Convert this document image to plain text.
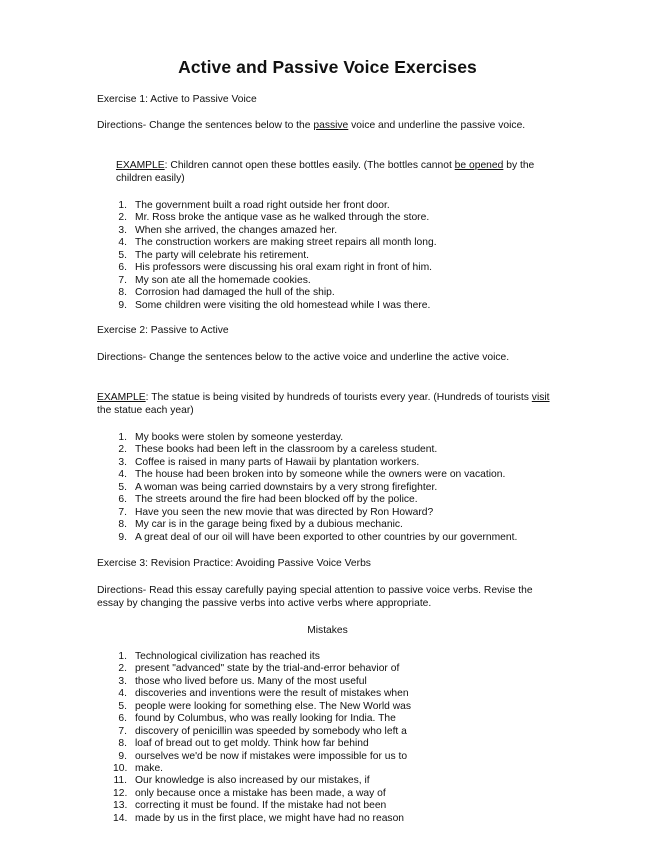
Active and Passive Voice Exercises

Exercise 1: Active to Passive Voice

Directions- Change the sentences below to the passive voice and underline the passive voice.

EXAMPLE: Children cannot open these bottles easily. (The bottles cannot be opened by the children easily)

1. The government built a road right outside her front door.
2. Mr. Ross broke the antique vase as he walked through the store.
3. When she arrived, the changes amazed her.
4. The construction workers are making street repairs all month long.
5. The party will celebrate his retirement.
6. His professors were discussing his oral exam right in front of him.
7. My son ate all the homemade cookies.
8. Corrosion had damaged the hull of the ship.
9. Some children were visiting the old homestead while I was there.

Exercise 2: Passive to Active

Directions- Change the sentences below to the active voice and underline the active voice.

EXAMPLE: The statue is being visited by hundreds of tourists every year. (Hundreds of tourists visit the statue each year)

1. My books were stolen by someone yesterday.
2. These books had been left in the classroom by a careless student.
3. Coffee is raised in many parts of Hawaii by plantation workers.
4. The house had been broken into by someone while the owners were on vacation.
5. A woman was being carried downstairs by a very strong firefighter.
6. The streets around the fire had been blocked off by the police.
7. Have you seen the new movie that was directed by Ron Howard?
8. My car is in the garage being fixed by a dubious mechanic.
9. A great deal of our oil will have been exported to other countries by our government.

Exercise 3: Revision Practice: Avoiding Passive Voice Verbs

Directions- Read this essay carefully paying special attention to passive voice verbs. Revise the essay by changing the passive verbs into active verbs where appropriate.

Mistakes

1. Technological civilization has reached its
2. present "advanced" state by the trial-and-error behavior of
3. those who lived before us. Many of the most useful
4. discoveries and inventions were the result of mistakes when
5. people were looking for something else. The New World was
6. found by Columbus, who was really looking for India. The
7. discovery of penicillin was speeded by somebody who left a
8. loaf of bread out to get moldy. Think how far behind
9. ourselves we'd be now if mistakes were impossible for us to
10. make.
11. Our knowledge is also increased by our mistakes, if
12. only because once a mistake has been made, a way of
13. correcting it must be found. If the mistake had not been
14. made by us in the first place, we might have had no reason
